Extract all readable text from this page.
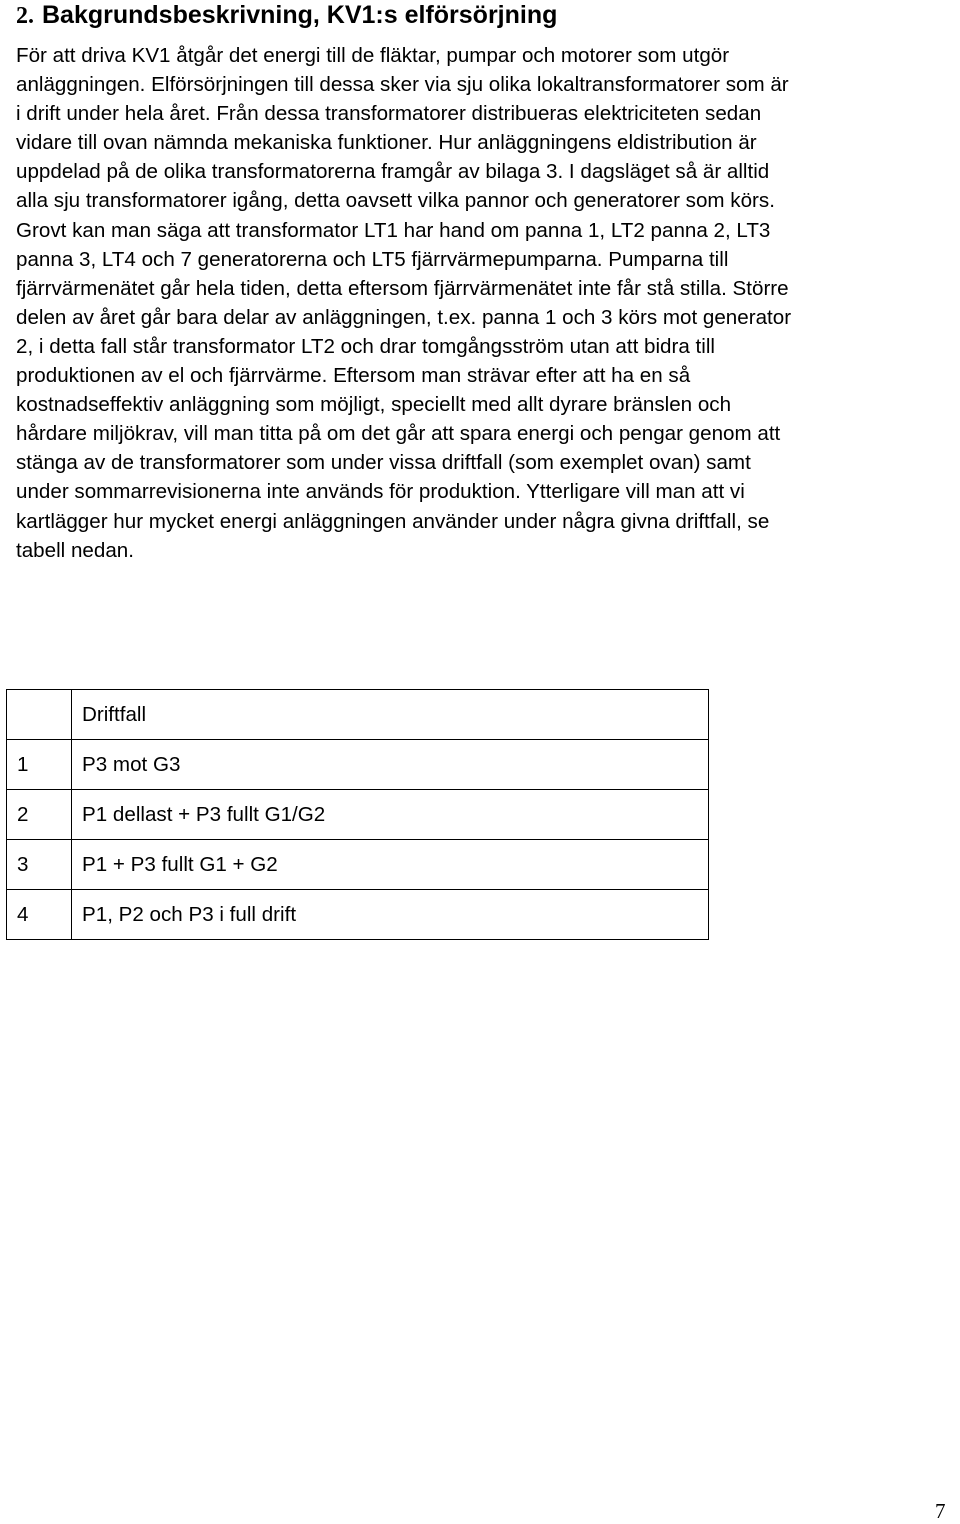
2. Bakgrundsbeskrivning, KV1:s elförsörjning
För att driva KV1 åtgår det energi till de fläktar, pumpar och motorer som utgör
anläggningen. Elförsörjningen till dessa sker via sju olika lokaltransformatorer som är
i drift under hela året. Från dessa transformatorer distribueras elektriciteten sedan
vidare till ovan nämnda mekaniska funktioner. Hur anläggningens eldistribution är
uppdelad på de olika transformatorerna framgår av bilaga 3. I dagsläget så är alltid
alla sju transformatorer igång, detta oavsett vilka pannor och generatorer som körs.
Grovt kan man säga att transformator LT1 har hand om panna 1, LT2 panna 2, LT3
panna 3, LT4 och 7 generatorerna och LT5 fjärrvärmepumparna. Pumparna till
fjärrvärmenätet går hela tiden, detta eftersom fjärrvärmenätet inte får stå stilla. Större
delen av året går bara delar av anläggningen, t.ex. panna 1 och 3 körs mot generator
2, i detta fall står transformator LT2 och drar tomgångsström utan att bidra till
produktionen av el och fjärrvärme. Eftersom man strävar efter att ha en så
kostnadseffektiv anläggning som möjligt, speciellt med allt dyrare bränslen och
hårdare miljökrav, vill man titta på om det går att spara energi och pengar genom att
stänga av de transformatorer som under vissa driftfall (som exemplet ovan) samt
under sommarrevisionerna inte används för produktion. Ytterligare vill man att vi
kartlägger hur mycket energi anläggningen använder under några givna driftfall, se
tabell nedan.
	Driftfall
1	P3 mot G3
2	P1 dellast + P3 fullt G1/G2
3	P1 + P3 fullt G1 + G2
4	P1, P2 och P3 i full drift
7
